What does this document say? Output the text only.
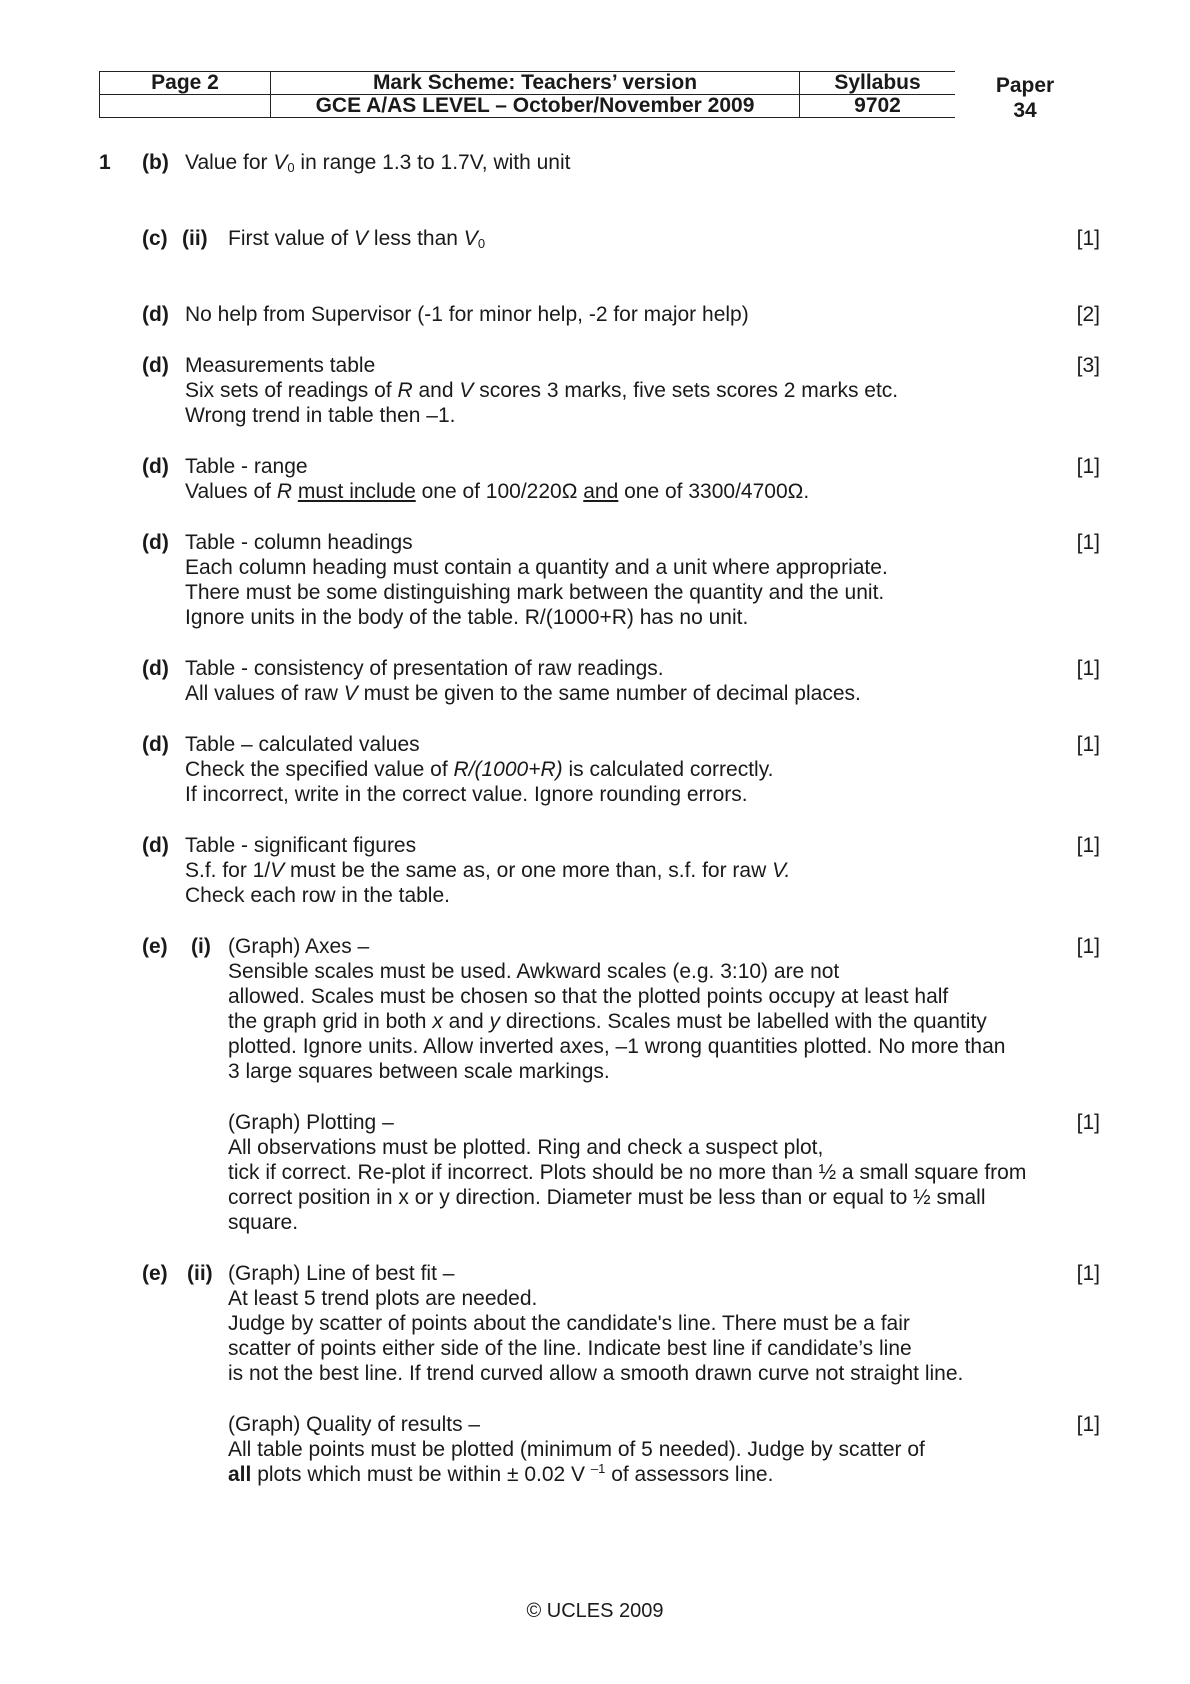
Page 2	Mark Scheme: Teachers’ version	Syllabus
	GCE A/AS LEVEL – October/November 2009	9702
Paper
34
1 (b) Value for $V_0$ in range 1.3 to 1.7V, with unit
(c) (ii) First value of V less than $V_0$	[1]
(d) No help from Supervisor (-1 for minor help, -2 for major help)	[2]
(d) Measurements table	[3]
Six sets of readings of R and V scores 3 marks, five sets scores 2 marks etc.
Wrong trend in table then –1.
(d) Table - range	[1]
Values of R must include one of 100/220Ω and one of 3300/4700Ω.
(d) Table - column headings	[1]
Each column heading must contain a quantity and a unit where appropriate.
There must be some distinguishing mark between the quantity and the unit.
Ignore units in the body of the table. R/(1000+R) has no unit.
(d) Table - consistency of presentation of raw readings.	[1]
All values of raw V must be given to the same number of decimal places.
(d) Table – calculated values	[1]
Check the specified value of R/(1000+R) is calculated correctly.
If incorrect, write in the correct value. Ignore rounding errors.
(d) Table - significant figures	[1]
S.f. for 1/V must be the same as, or one more than, s.f. for raw V.
Check each row in the table.
(e) (i) (Graph) Axes –	[1]
Sensible scales must be used. Awkward scales (e.g. 3:10) are not
allowed. Scales must be chosen so that the plotted points occupy at least half
the graph grid in both x and y directions. Scales must be labelled with the quantity
plotted. Ignore units. Allow inverted axes, –1 wrong quantities plotted. No more than
3 large squares between scale markings.
(Graph) Plotting –	[1]
All observations must be plotted. Ring and check a suspect plot,
tick if correct. Re-plot if incorrect. Plots should be no more than ½ a small square from
correct position in x or y direction. Diameter must be less than or equal to ½ small
square.
(e) (ii) (Graph) Line of best fit –	[1]
At least 5 trend plots are needed.
Judge by scatter of points about the candidate's line. There must be a fair
scatter of points either side of the line. Indicate best line if candidate’s line
is not the best line. If trend curved allow a smooth drawn curve not straight line.
(Graph) Quality of results –	[1]
All table points must be plotted (minimum of 5 needed). Judge by scatter of
all plots which must be within ± 0.02 V $^{-1}$ of assessors line.
© UCLES 2009
